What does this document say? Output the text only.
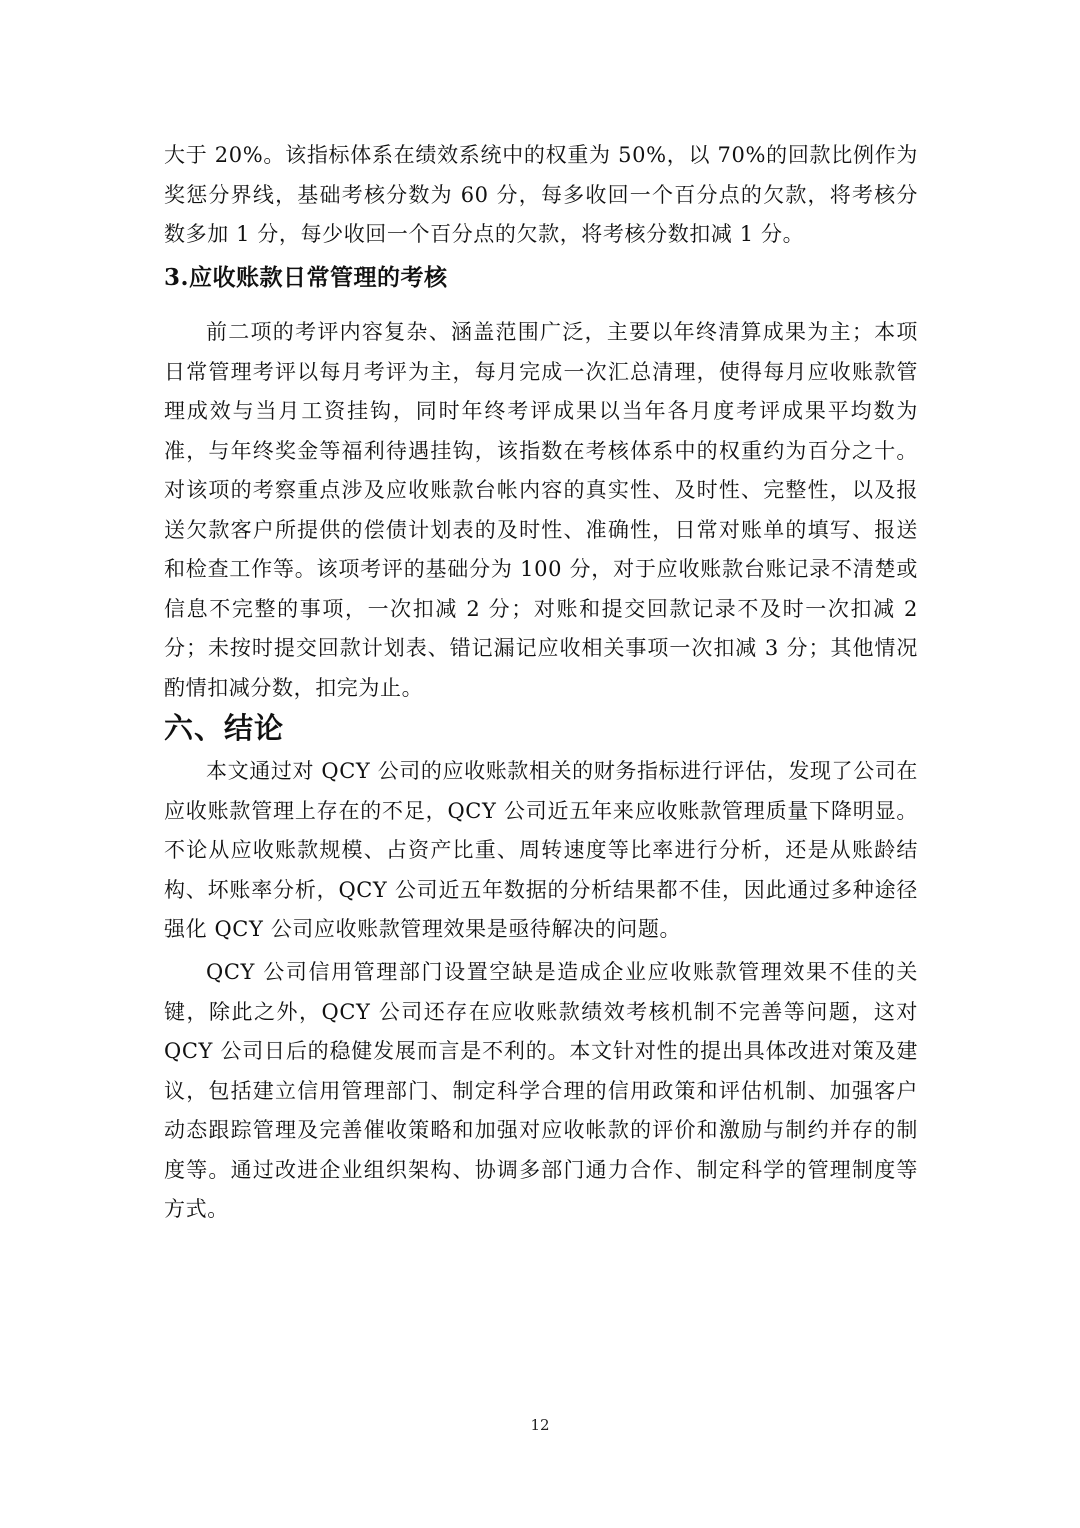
大于 20%。该指标体系在绩效系统中的权重为 50%，以 70%的回款比例作为奖惩分界线，基础考核分数为 60 分，每多收回一个百分点的欠款，将考核分数多加 1 分，每少收回一个百分点的欠款，将考核分数扣减 1 分。

3.应收账款日常管理的考核

前二项的考评内容复杂、涵盖范围广泛，主要以年终清算成果为主；本项日常管理考评以每月考评为主，每月完成一次汇总清理，使得每月应收账款管理成效与当月工资挂钩，同时年终考评成果以当年各月度考评成果平均数为准，与年终奖金等福利待遇挂钩，该指数在考核体系中的权重约为百分之十。对该项的考察重点涉及应收账款台帐内容的真实性、及时性、完整性，以及报送欠款客户所提供的偿债计划表的及时性、准确性，日常对账单的填写、报送和检查工作等。该项考评的基础分为 100 分，对于应收账款台账记录不清楚或信息不完整的事项，一次扣减 2 分；对账和提交回款记录不及时一次扣减 2 分；未按时提交回款计划表、错记漏记应收相关事项一次扣减 3 分；其他情况酌情扣减分数，扣完为止。

六、结论

本文通过对 QCY 公司的应收账款相关的财务指标进行评估，发现了公司在应收账款管理上存在的不足，QCY 公司近五年来应收账款管理质量下降明显。不论从应收账款规模、占资产比重、周转速度等比率进行分析，还是从账龄结构、坏账率分析，QCY 公司近五年数据的分析结果都不佳，因此通过多种途径强化 QCY 公司应收账款管理效果是亟待解决的问题。

QCY 公司信用管理部门设置空缺是造成企业应收账款管理效果不佳的关键，除此之外，QCY 公司还存在应收账款绩效考核机制不完善等问题，这对 QCY 公司日后的稳健发展而言是不利的。本文针对性的提出具体改进对策及建议，包括建立信用管理部门、制定科学合理的信用政策和评估机制、加强客户动态跟踪管理及完善催收策略和加强对应收帐款的评价和激励与制约并存的制度等。通过改进企业组织架构、协调多部门通力合作、制定科学的管理制度等方式。

12
